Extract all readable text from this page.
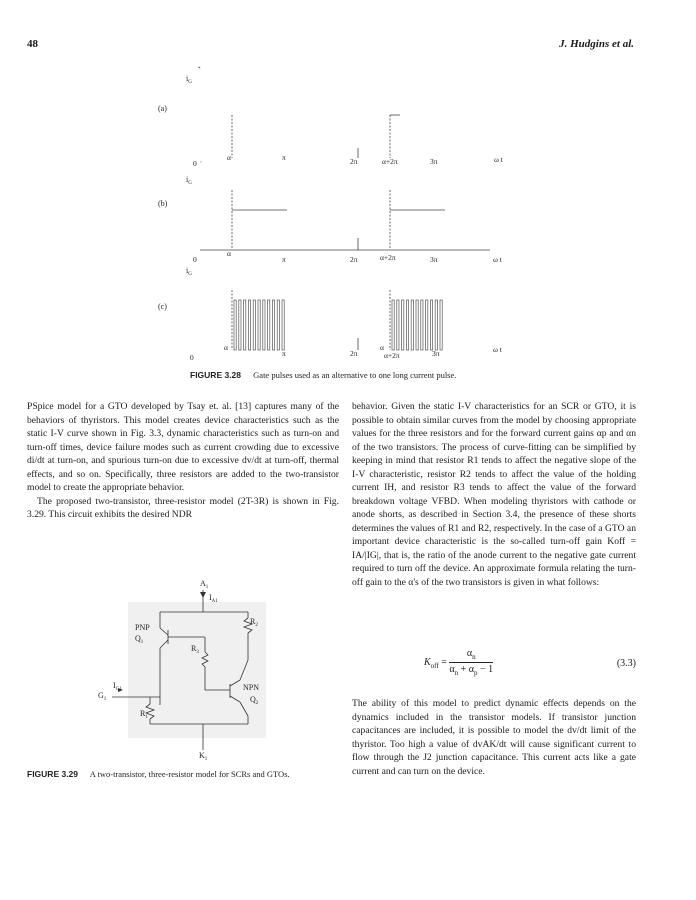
48	J. Hudgins et al.
$i_G$
*
$i_G$
$i_G$
(a)
(b)
(c)
0 ^
α	π	2π	α+2π	3π	ω t
0
α
π	2π	α+2π	3π	ω t
0
α
π	2π
α
α+2π	3π	ω t
FIGURE 3.28 Gate pulses used as an alternative to one long current pulse.
$A_1$
$I_{A1}$
PNP
$Q_1$
$R_2$
$R_3$
NPN
$Q_2$
$I_{G1}$
$G_1$
$R_1$
$K_1$
FIGURE 3.29 A two-transistor, three-resistor model for SCRs and GTOs.

PSpice model for a GTO developed by Tsay et. al. [13] captures many of the behaviors of thyristors. This model creates device characteristics such as the static I-V curve shown in Fig. 3.3, dynamic characteristics such as turn-on and turn-off times, device failure modes such as current crowding due to excessive di/dt at turn-on, and spurious turn-on due to excessive dv/dt at turn-off, thermal effects, and so on. Specifically, three resistors are added to the two-transistor model to create the appropriate behavior.

The proposed two-transistor, three-resistor model (2T-3R) is shown in Fig. 3.29. This circuit exhibits the desired NDR

behavior. Given the static I-V characteristics for an SCR or GTO, it is possible to obtain similar curves from the model by choosing appropriate values for the three resistors and for the forward current gains αp and αn of the two transistors. The process of curve-fitting can be simplified by keeping in mind that resistor R1 tends to affect the negative slope of the I-V characteristic, resistor R2 tends to affect the value of the holding current IH, and resistor R3 tends to affect the value of the forward breakdown voltage VFBD. When modeling thyristors with cathode or anode shorts, as described in Section 3.4, the presence of these shorts determines the values of R1 and R2, respectively. In the case of a GTO an important device characteristic is the so-called turn-off gain Koff = IA/|IG|, that is, the ratio of the anode current to the negative gate current required to turn off the device. An approximate formula relating the turn-off gain to the α's of the two transistors is given in what follows:

$K_{off} = \frac{\alpha_n}{\alpha_n + \alpha_p - 1}$	(3.3)

The ability of this model to predict dynamic effects depends on the dynamics included in the transistor models. If transistor junction capacitances are included, it is possible to model the dv/dt limit of the thyristor. Too high a value of dvAK/dt will cause significant current to flow through the J2 junction capacitance. This current acts like a gate current and can turn on the device.
